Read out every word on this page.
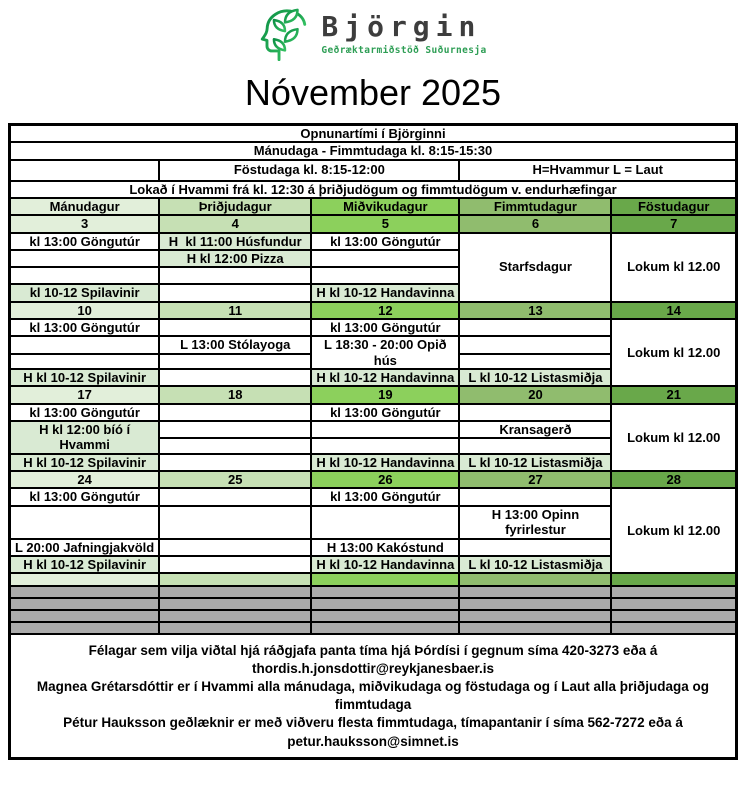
Björgin
Geðræktarmiðstöð Suðurnesja
Nóvember 2025
Opnunartími í Björginni				
Mánudaga - Fimmtudaga kl. 8:15-15:30				
	Föstudaga kl. 8:15-12:00		H=Hvammur L = Laut	
Lokað í Hvammi frá kl. 12:30 á þriðjudögum og fimmtudögum v. endurhæfingar				
Mánudagur	Þriðjudagur	Miðvikudagur	Fimmtudagur	Föstudagur
3	4	5	6	7
kl 13:00 Göngutúr	H  kl 11:00 Húsfundur	kl 13:00 Göngutúr	Starfsdagur	Lokum kl 12.00
	H kl 12:00 Pizza			

kl 10-12 Spilavinir		H kl 10-12 Handavinna		
10	11	12	13	14
kl 13:00 Göngutúr		kl 13:00 Göngutúr		Lokum kl 12.00
	L 13:00 Stólayoga	L 18:30 - 20:00 Opið hús		

H kl 10-12 Spilavinir		H kl 10-12 Handavinna	L kl 10-12 Listasmiðja	
17	18	19	20	21
kl 13:00 Göngutúr		kl 13:00 Göngutúr		Lokum kl 12.00
H kl 12:00 bíó í Hvammi			Kransagerð	

H kl 10-12 Spilavinir		H kl 10-12 Handavinna	L kl 10-12 Listasmiðja	
24	25	26	27	28
kl 13:00 Göngutúr		kl 13:00 Göngutúr		Lokum kl 12.00
			H 13:00 Opinn fyrirlestur	
L 20:00 Jafningjakvöld		H 13:00 Kakóstund		
H kl 10-12 Spilavinir		H kl 10-12 Handavinna	L kl 10-12 Listasmiðja	

Félagar sem vilja viðtal hjá ráðgjafa panta tíma hjá Þórdísi í gegnum síma 420-3273 eða á thordis.h.jonsdottir@reykjanesbaer.is

Magnea Grétarsdóttir er í Hvammi alla mánudaga, miðvikudaga og föstudaga og í Laut alla þriðjudaga og fimmtudaga

Pétur Hauksson geðlæknir er með viðveru flesta fimmtudaga, tímapantanir í síma 562-7272 eða á petur.hauksson@simnet.is				
